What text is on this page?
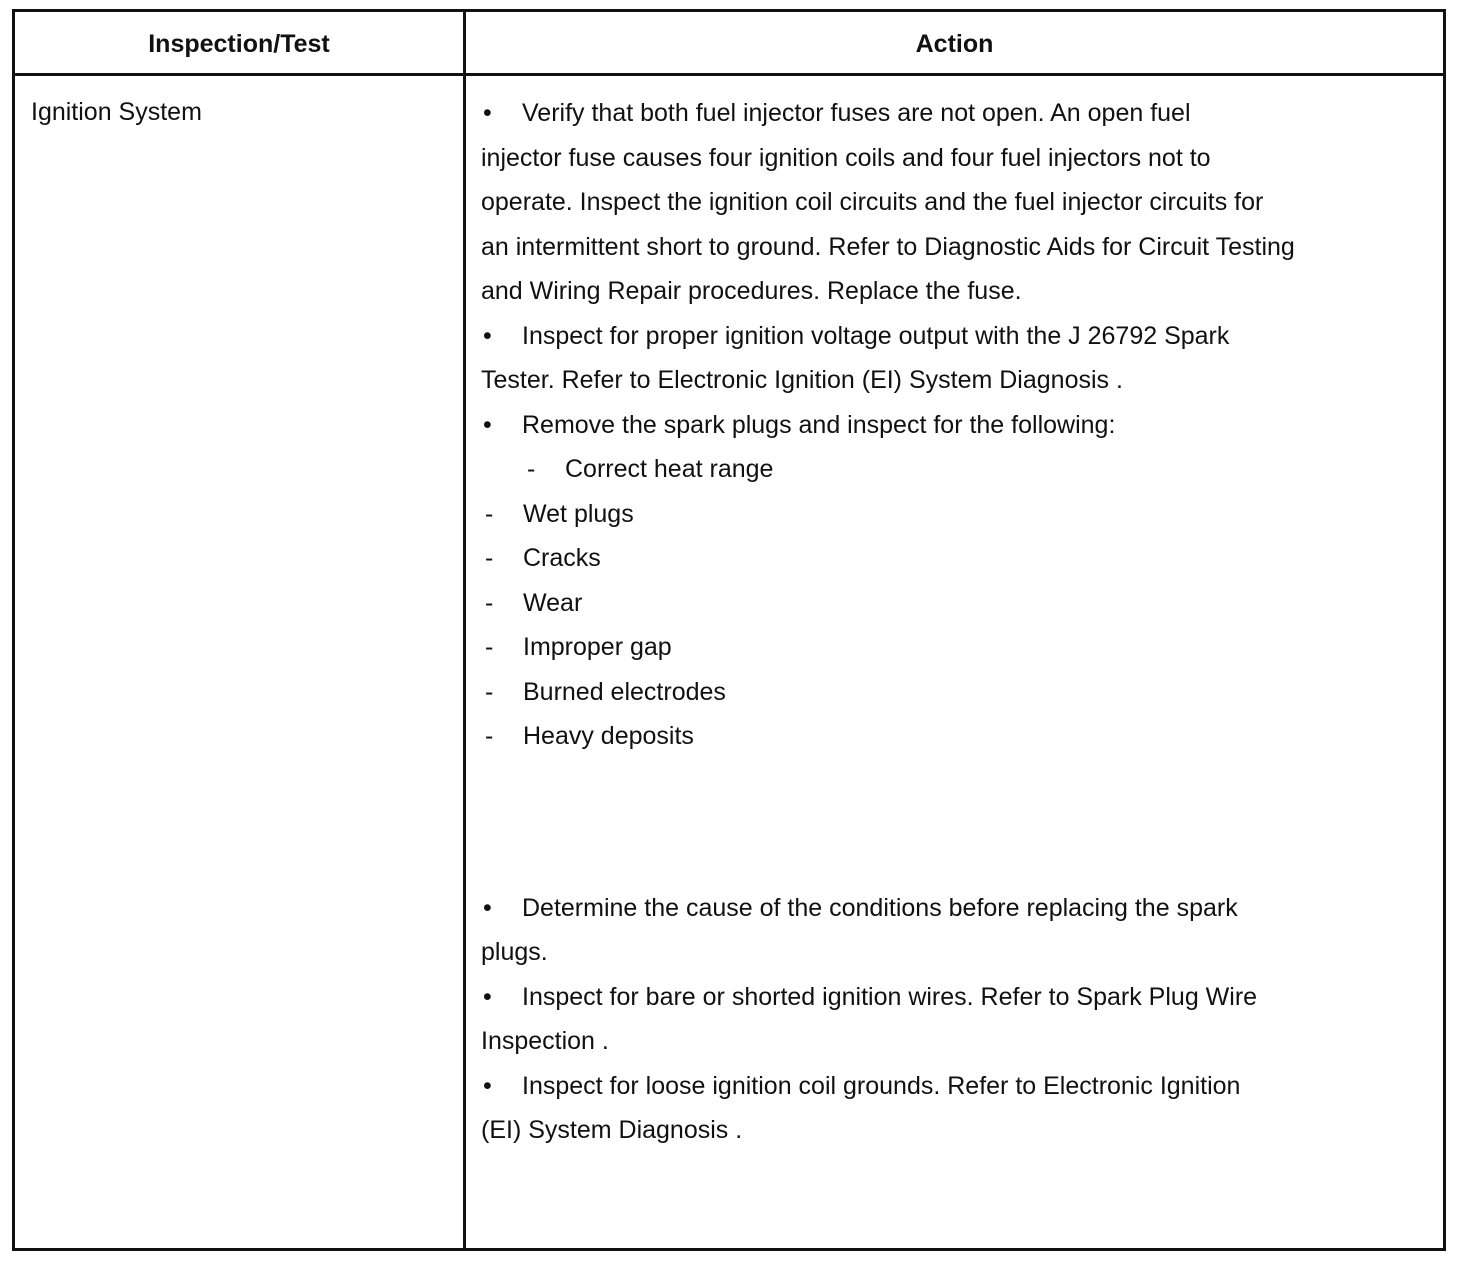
Inspection/Test	Action
Ignition System	• Verify that both fuel injector fuses are not open. An open fuel
injector fuse causes four ignition coils and four fuel injectors not to
operate. Inspect the ignition coil circuits and the fuel injector circuits for
an intermittent short to ground. Refer to Diagnostic Aids for Circuit Testing
and Wiring Repair procedures. Replace the fuse.
• Inspect for proper ignition voltage output with the J 26792 Spark
Tester. Refer to Electronic Ignition (EI) System Diagnosis .
• Remove the spark plugs and inspect for the following:
- Correct heat range
- Wet plugs
- Cracks
- Wear
- Improper gap
- Burned electrodes
- Heavy deposits
• Determine the cause of the conditions before replacing the spark
plugs.
• Inspect for bare or shorted ignition wires. Refer to Spark Plug Wire
Inspection .
• Inspect for loose ignition coil grounds. Refer to Electronic Ignition
(EI) System Diagnosis .
